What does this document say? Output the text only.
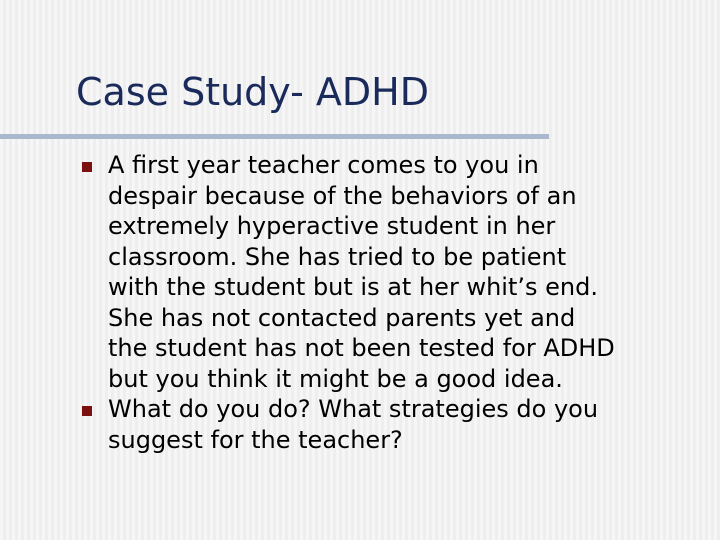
Case Study- ADHD
A first year teacher comes to you in
despair because of the behaviors of an
extremely hyperactive student in her
classroom. She has tried to be patient
with the student but is at her whit’s end.
She has not contacted parents yet and
the student has not been tested for ADHD
but you think it might be a good idea.
What do you do? What strategies do you
suggest for the teacher?
